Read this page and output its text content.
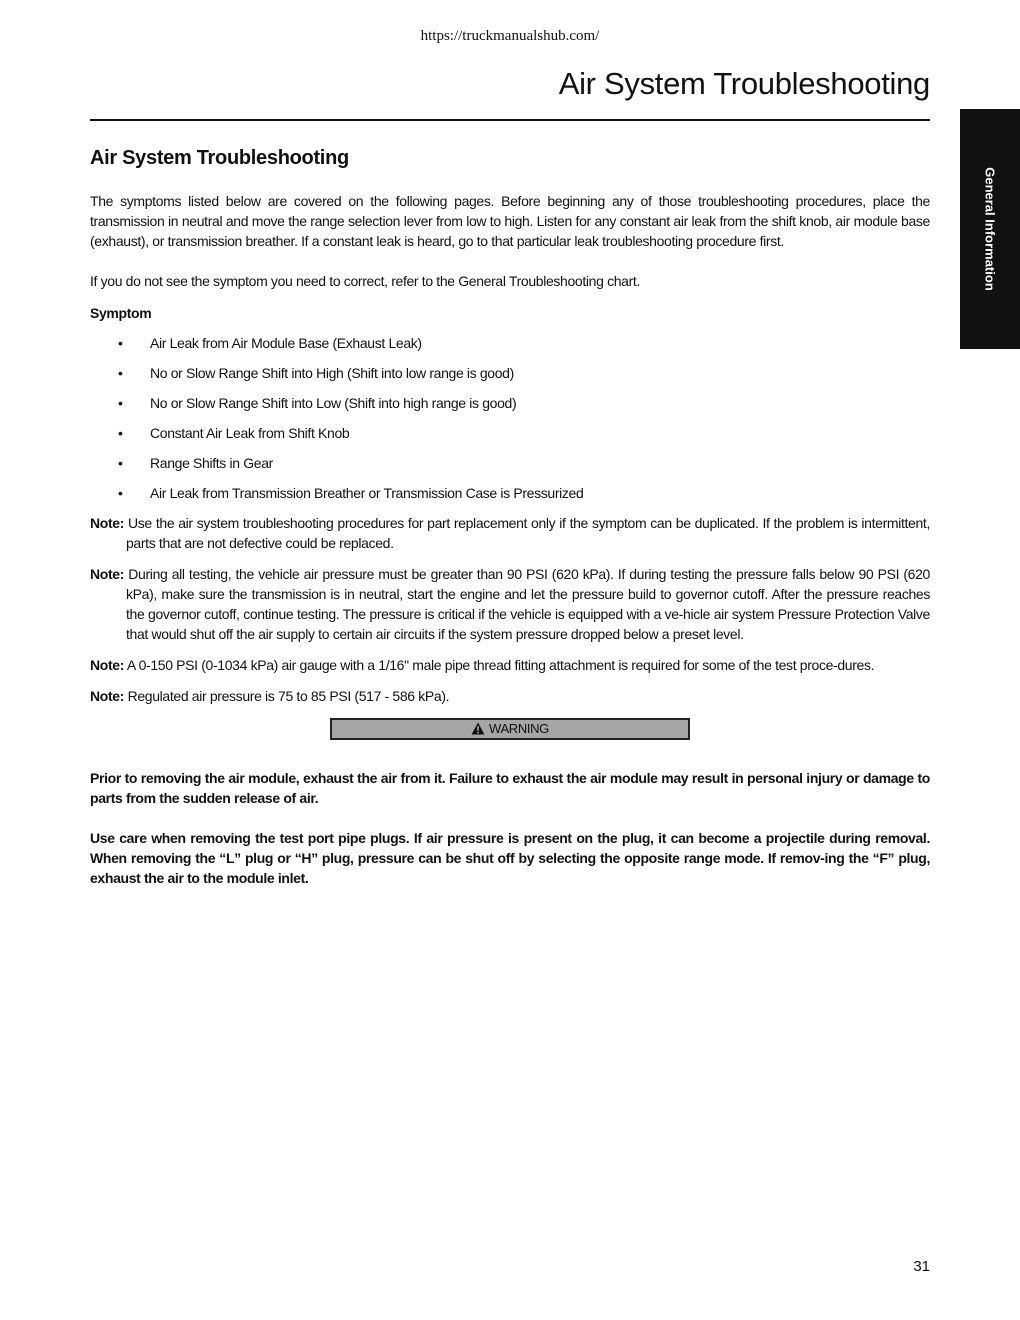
https://truckmanualshub.com/
Air System Troubleshooting
General Information
Air System Troubleshooting

The symptoms listed below are covered on the following pages. Before beginning any of those troubleshooting procedures, place the transmission in neutral and move the range selection lever from low to high. Listen for any constant air leak from the shift knob, air module base (exhaust), or transmission breather. If a constant leak is heard, go to that particular leak troubleshooting procedure first.

If you do not see the symptom you need to correct, refer to the General Troubleshooting chart.

Symptom
• Air Leak from Air Module Base (Exhaust Leak)
• No or Slow Range Shift into High (Shift into low range is good)
• No or Slow Range Shift into Low (Shift into high range is good)
• Constant Air Leak from Shift Knob
• Range Shifts in Gear
• Air Leak from Transmission Breather or Transmission Case is Pressurized
Note: Use the air system troubleshooting procedures for part replacement only if the symptom can be duplicated. If the problem is intermittent, parts that are not defective could be replaced.
Note: During all testing, the vehicle air pressure must be greater than 90 PSI (620 kPa). If during testing the pressure falls below 90 PSI (620 kPa), make sure the transmission is in neutral, start the engine and let the pressure build to governor cutoff. After the pressure reaches the governor cutoff, continue testing. The pressure is critical if the vehicle is equipped with a ve-hicle air system Pressure Protection Valve that would shut off the air supply to certain air circuits if the system pressure dropped below a preset level.
Note: A 0-150 PSI (0-1034 kPa) air gauge with a 1/16" male pipe thread fitting attachment is required for some of the test proce-dures.
Note: Regulated air pressure is 75 to 85 PSI (517 - 586 kPa).
WARNING

Prior to removing the air module, exhaust the air from it. Failure to exhaust the air module may result in personal injury or damage to parts from the sudden release of air.

Use care when removing the test port pipe plugs. If air pressure is present on the plug, it can become a projectile during removal. When removing the “L” plug or “H” plug, pressure can be shut off by selecting the opposite range mode. If remov-ing the “F” plug, exhaust the air to the module inlet.

31
